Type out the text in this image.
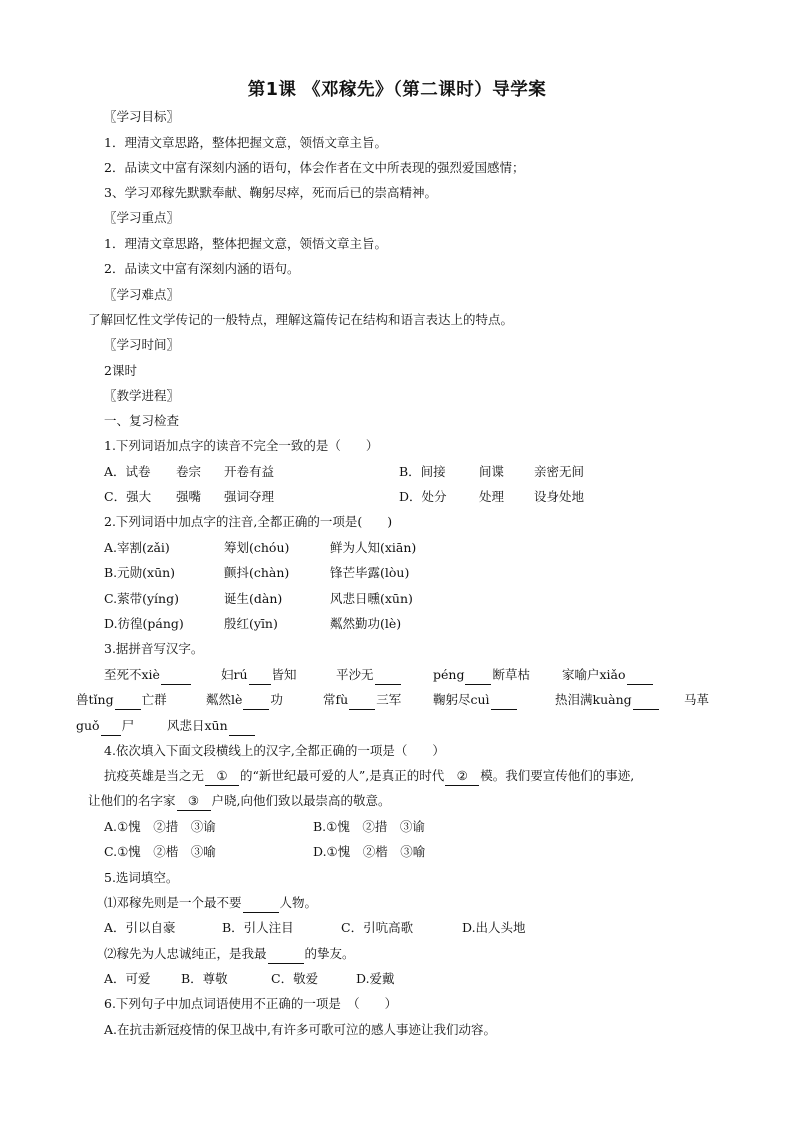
第1课 《邓稼先》（第二课时）导学案
〖学习目标〗
1．理清文章思路，整体把握文意，领悟文章主旨。
2．品读文中富有深刻内涵的语句，体会作者在文中所表现的强烈爱国感情；
3、学习邓稼先默默奉献、鞠躬尽瘁，死而后已的崇高精神。
〖学习重点〗
1．理清文章思路，整体把握文意，领悟文章主旨。
2．品读文中富有深刻内涵的语句。
〖学习难点〗
了解回忆性文学传记的一般特点，理解这篇传记在结构和语言表达上的特点。
〖学习时间〗
2课时
〖教学进程〗
一、复习检查
1.下列词语加点字的读音不完全一致的是（　　）
A．试卷 卷宗 开卷有益	B．间接	间谍 亲密无间
C．强大 强嘴 强词夺理	D．处分	处理 设身处地
2.下列词语中加点字的注音,全都正确的一项是(　　)
A.宰割(zǎi)	筹划(chóu)	鲜为人知(xiān)
B.元勋(xūn)	颤抖(chàn)	锋芒毕露(lòu)
C.萦带(yíng)	诞生(dàn)	风悲日曛(xūn)
D.彷徨(páng)	殷红(yīn)	粼然勤功(lè)
3.据拼音写汉字。
至死不xiè	妇rú 皆知	平沙无	péng 断草枯	家喻户xiǎo
兽tǐng 亡群	粼然lè 功	常fù 三军	鞠躬尽cuì	热泪满kuàng	马革
guǒ 尸	风悲日xūn
4.依次填入下面文段横线上的汉字,全都正确的一项是（　　）
抗疫英雄是当之无 ① 的“新世纪最可爱的人”,是真正的时代 ② 模。我们要宣传他们的事迹,
让他们的名字家 ③ 户晓,向他们致以最崇高的敬意。
A.①愧　②措　③谕	B.①愧　②措　③谕
C.①愧　②楷　③喻	D.①愧　②楷　③喻
5.选词填空。
⑴邓稼先则是一个最不要	人物。
A．引以自豪	B．引人注目	C．引吭高歌	D.出人头地
⑵稼先为人忠诚纯正，是我最	的挚友。
A．可爱 B．尊敬	C．敬爱	D.爱戴
6.下列句子中加点词语使用不正确的一项是　（　　）
A.在抗击新冠疫情的保卫战中,有许多可歌可泣的感人事迹让我们动容。
